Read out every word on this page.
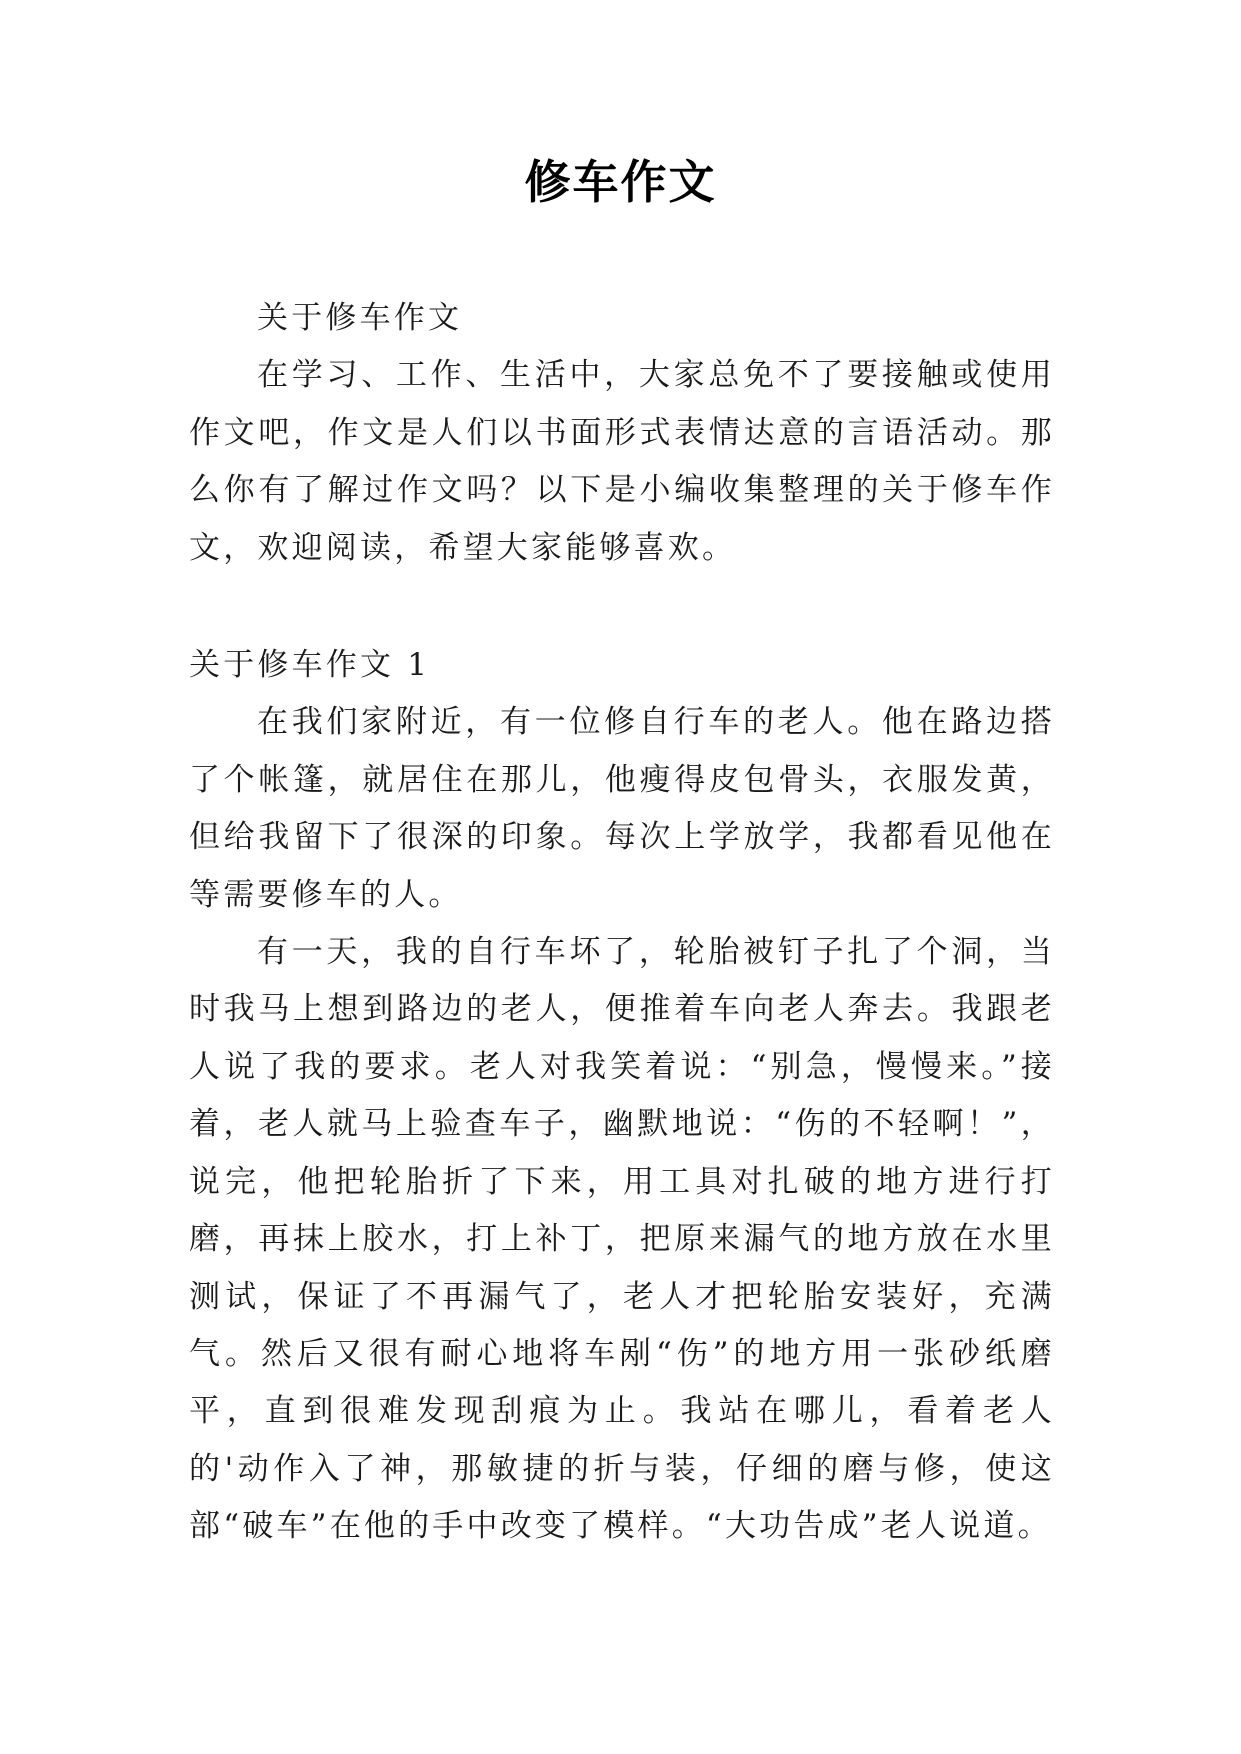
修车作文

关于修车作文

在学习、工作、生活中，大家总免不了要接触或使用作文吧，作文是人们以书面形式表情达意的言语活动。那么你有了解过作文吗？以下是小编收集整理的关于修车作文，欢迎阅读，希望大家能够喜欢。

关于修车作文 1

在我们家附近，有一位修自行车的老人。他在路边搭了个帐篷，就居住在那儿，他瘦得皮包骨头，衣服发黄，但给我留下了很深的印象。每次上学放学，我都看见他在等需要修车的人。

有一天，我的自行车坏了，轮胎被钉子扎了个洞，当时我马上想到路边的老人，便推着车向老人奔去。我跟老人说了我的要求。老人对我笑着说：“别急，慢慢来。”接着，老人就马上验查车子，幽默地说：“伤的不轻啊！”，说完，他把轮胎折了下来，用工具对扎破的地方进行打磨，再抹上胶水，打上补丁，把原来漏气的地方放在水里测试，保证了不再漏气了，老人才把轮胎安装好，充满气。然后又很有耐心地将车剐“伤”的地方用一张砂纸磨平，直到很难发现刮痕为止。我站在哪儿，看着老人的'动作入了神，那敏捷的折与装，仔细的磨与修，使这部“破车”在他的手中改变了模样。“大功告成”老人说道。
